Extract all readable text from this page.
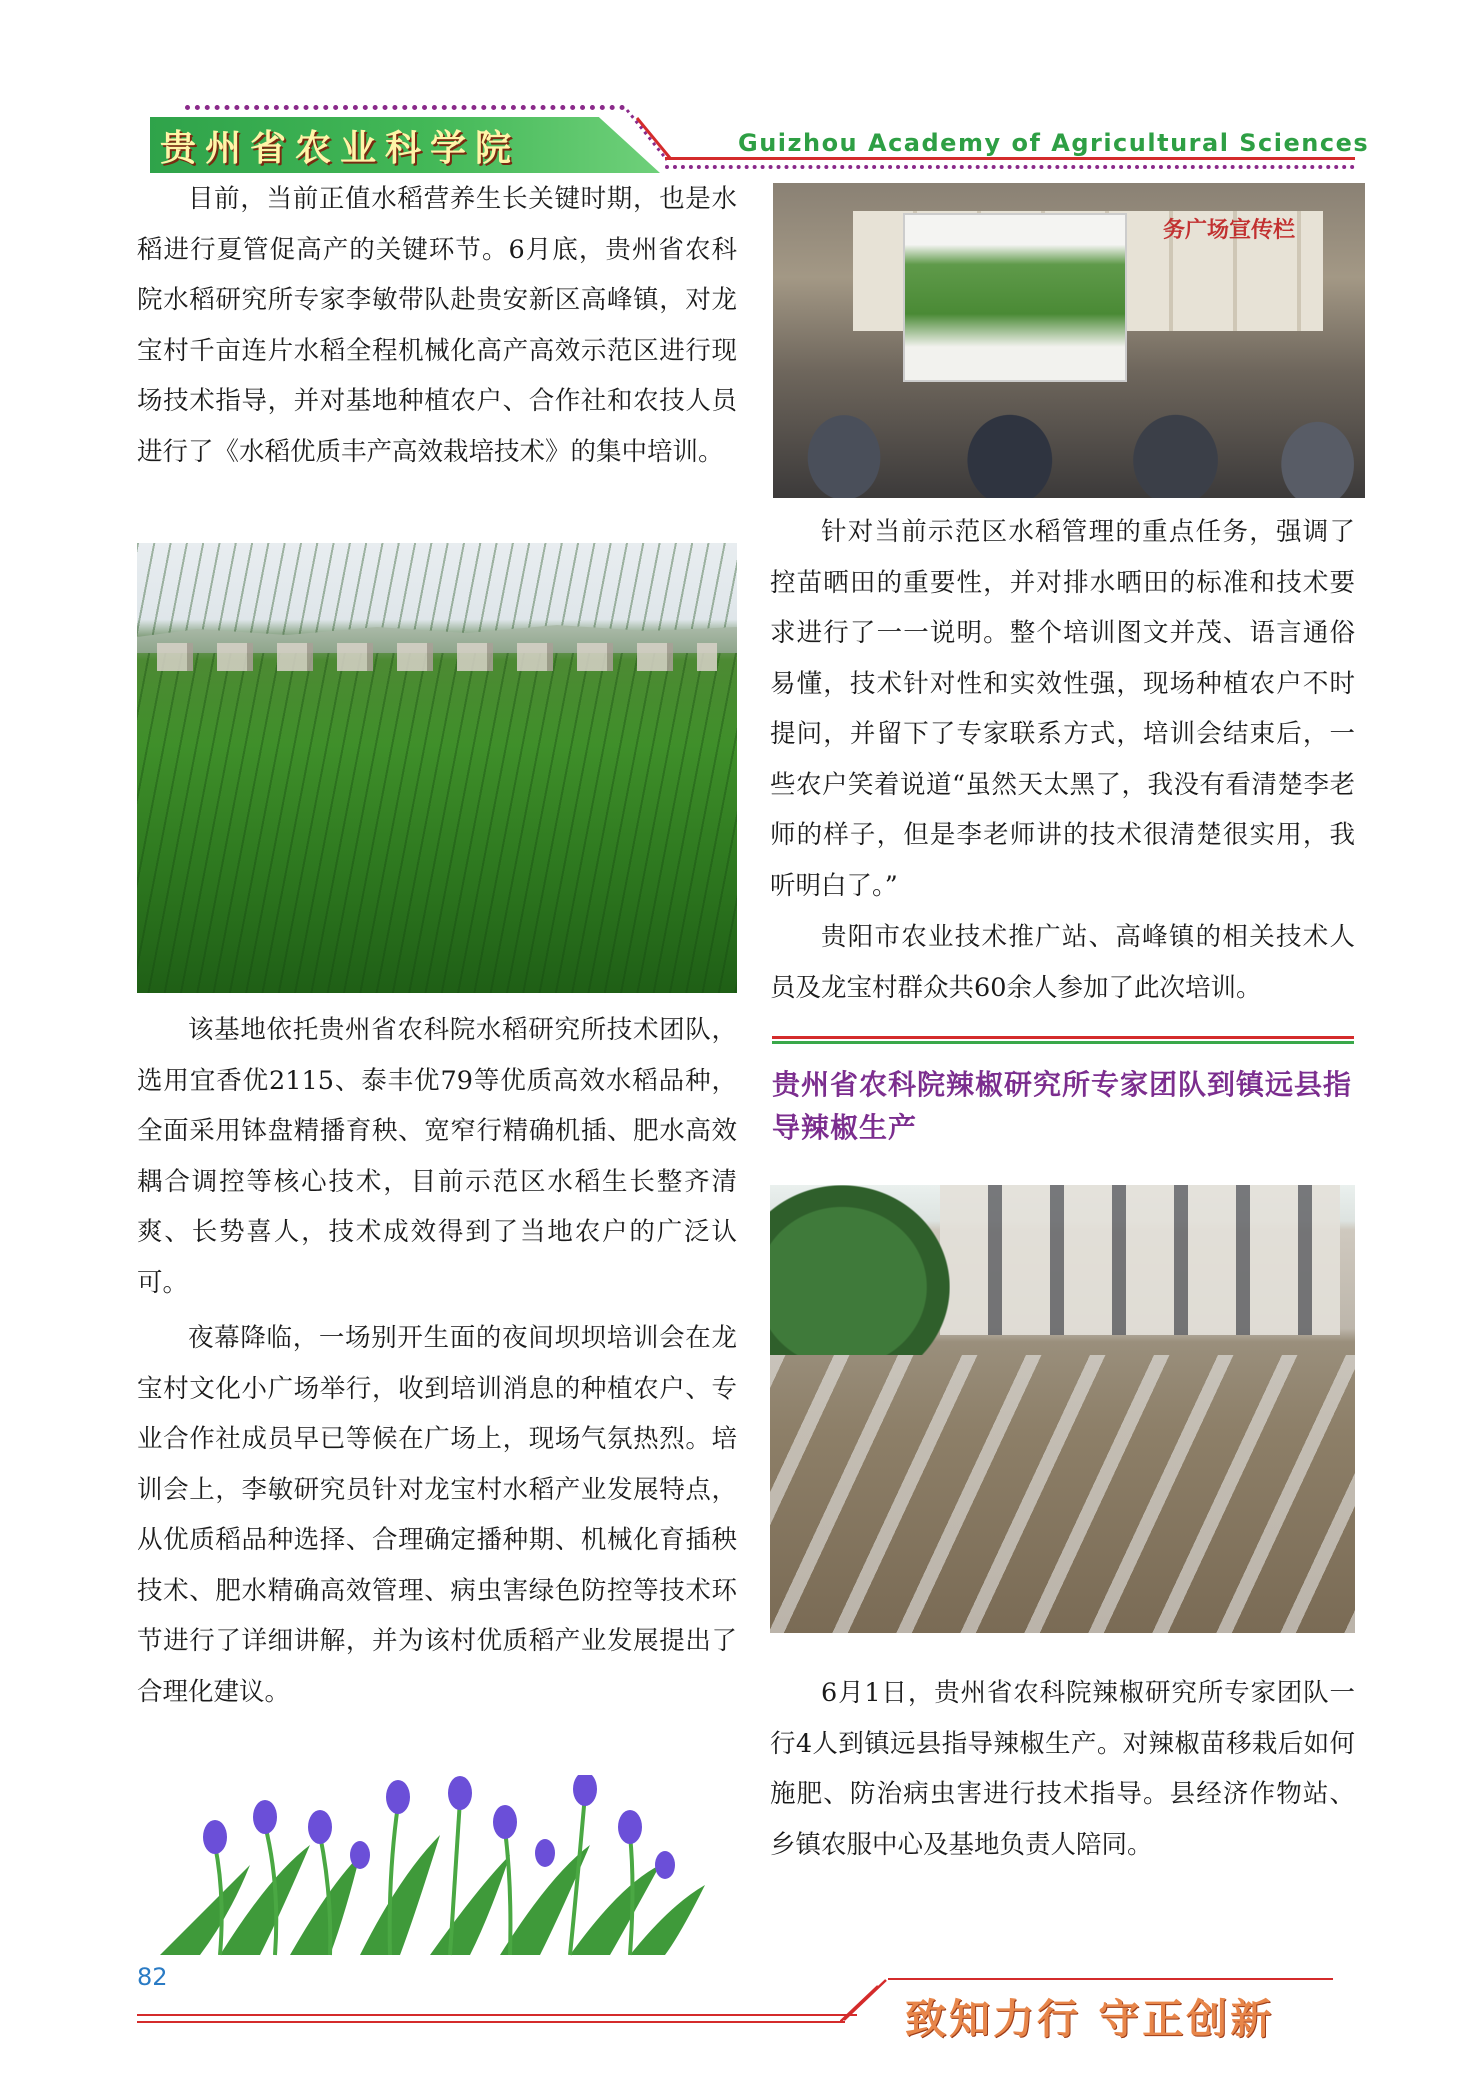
贵州省农业科学院	Guizhou Academy of Agricultural Sciences

目前，当前正值水稻营养生长关键时期，也是水稻进行夏管促高产的关键环节。6月底，贵州省农科院水稻研究所专家李敏带队赴贵安新区高峰镇，对龙宝村千亩连片水稻全程机械化高产高效示范区进行现场技术指导，并对基地种植农户、合作社和农技人员进行了《水稻优质丰产高效栽培技术》的集中培训。

该基地依托贵州省农科院水稻研究所技术团队，选用宜香优2115、泰丰优79等优质高效水稻品种，全面采用钵盘精播育秧、宽窄行精确机插、肥水高效耦合调控等核心技术，目前示范区水稻生长整齐清爽、长势喜人，技术成效得到了当地农户的广泛认可。

夜幕降临，一场别开生面的夜间坝坝培训会在龙宝村文化小广场举行，收到培训消息的种植农户、专业合作社成员早已等候在广场上，现场气氛热烈。培训会上，李敏研究员针对龙宝村水稻产业发展特点，从优质稻品种选择、合理确定播种期、机械化育插秧技术、肥水精确高效管理、病虫害绿色防控等技术环节进行了详细讲解，并为该村优质稻产业发展提出了合理化建议。

务广场宣传栏

针对当前示范区水稻管理的重点任务，强调了控苗晒田的重要性，并对排水晒田的标准和技术要求进行了一一说明。整个培训图文并茂、语言通俗易懂，技术针对性和实效性强，现场种植农户不时提问，并留下了专家联系方式，培训会结束后，一些农户笑着说道“虽然天太黑了，我没有看清楚李老师的样子，但是李老师讲的技术很清楚很实用，我听明白了。”

贵阳市农业技术推广站、高峰镇的相关技术人员及龙宝村群众共60余人参加了此次培训。

贵州省农科院辣椒研究所专家团队到镇远县指导辣椒生产

6月1日，贵州省农科院辣椒研究所专家团队一行4人到镇远县指导辣椒生产。对辣椒苗移栽后如何施肥、防治病虫害进行技术指导。县经济作物站、乡镇农服中心及基地负责人陪同。

82
致知力行 守正创新
